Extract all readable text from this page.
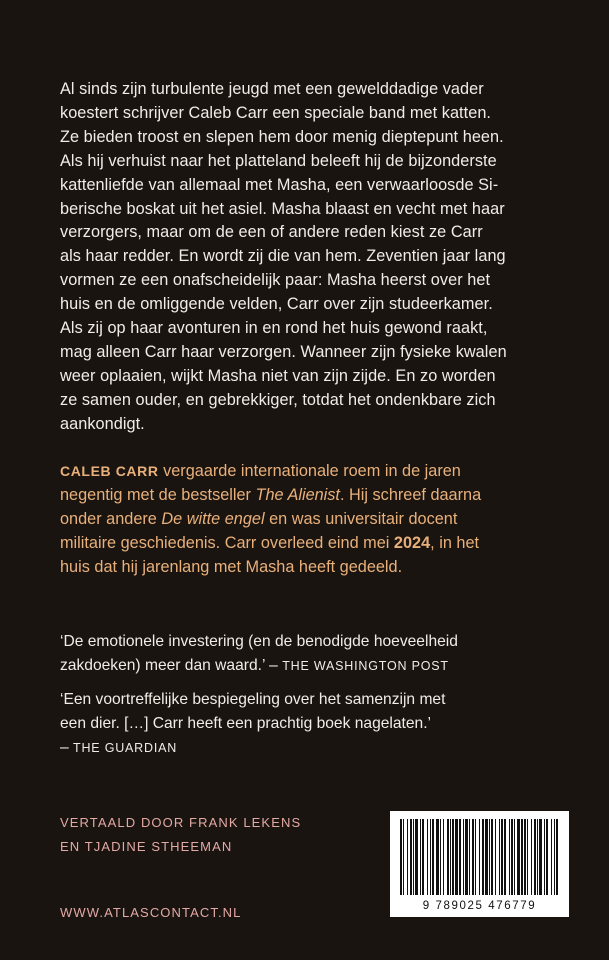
Al sinds zijn turbulente jeugd met een gewelddadige vader
koestert schrijver Caleb Carr een speciale band met katten.
Ze bieden troost en slepen hem door menig dieptepunt heen.
Als hij verhuist naar het platteland beleeft hij de bijzonderste
kattenliefde van allemaal met Masha, een verwaarloosde Si-
berische boskat uit het asiel. Masha blaast en vecht met haar
verzorgers, maar om de een of andere reden kiest ze Carr
als haar redder. En wordt zij die van hem. Zeventien jaar lang
vormen ze een onafscheidelijk paar: Masha heerst over het
huis en de omliggende velden, Carr over zijn studeerkamer.
Als zij op haar avonturen in en rond het huis gewond raakt,
mag alleen Carr haar verzorgen. Wanneer zijn fysieke kwalen
weer oplaaien, wijkt Masha niet van zijn zijde. En zo worden
ze samen ouder, en gebrekkiger, totdat het ondenkbare zich
aankondigt.

CALEB CARR vergaarde internationale roem in de jaren
negentig met de bestseller The Alienist. Hij schreef daarna
onder andere De witte engel en was universitair docent
militaire geschiedenis. Carr overleed eind mei 2024, in het
huis dat hij jarenlang met Masha heeft gedeeld.

‘De emotionele investering (en de benodigde hoeveelheid
zakdoeken) meer dan waard.’ – THE WASHINGTON POST

‘Een voortreffelijke bespiegeling over het samenzijn met
een dier. […] Carr heeft een prachtig boek nagelaten.’
– THE GUARDIAN

VERTAALD DOOR FRANK LEKENS
EN TJADINE STHEEMAN

WWW.ATLASCONTACT.NL	9 789025 476779
